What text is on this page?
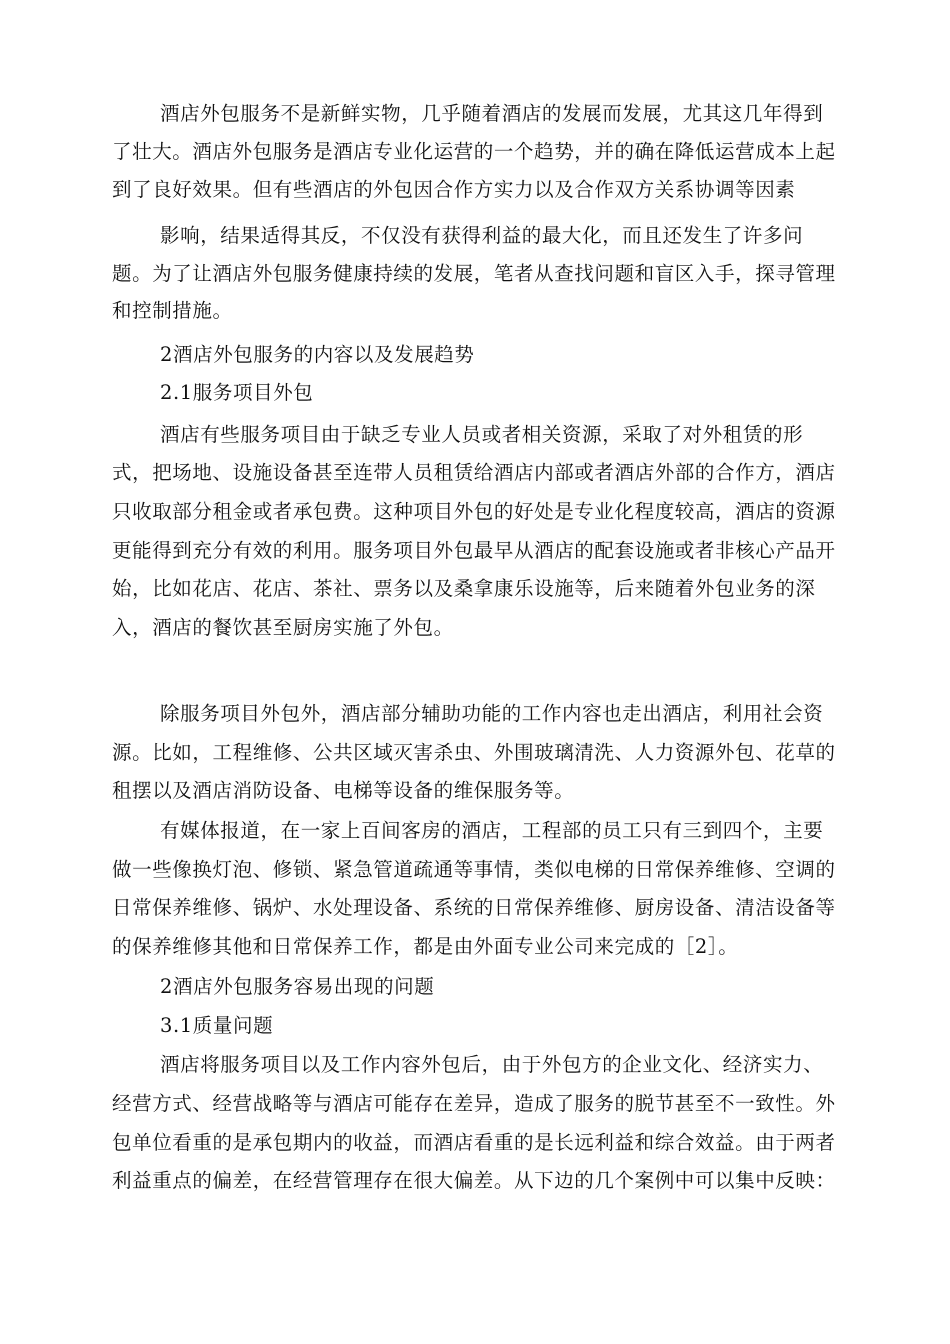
酒店外包服务不是新鲜实物，几乎随着酒店的发展而发展，尤其这几年得到
了壮大。酒店外包服务是酒店专业化运营的一个趋势，并的确在降低运营成本上起
到了良好效果。但有些酒店的外包因合作方实力以及合作双方关系协调等因素
影响，结果适得其反，不仅没有获得利益的最大化，而且还发生了许多问
题。为了让酒店外包服务健康持续的发展，笔者从查找问题和盲区入手，探寻管理
和控制措施。
2酒店外包服务的内容以及发展趋势
2.1服务项目外包
酒店有些服务项目由于缺乏专业人员或者相关资源，采取了对外租赁的形
式，把场地、设施设备甚至连带人员租赁给酒店内部或者酒店外部的合作方，酒店
只收取部分租金或者承包费。这种项目外包的好处是专业化程度较高，酒店的资源
更能得到充分有效的利用。服务项目外包最早从酒店的配套设施或者非核心产品开
始，比如花店、花店、茶社、票务以及桑拿康乐设施等，后来随着外包业务的深
入，酒店的餐饮甚至厨房实施了外包。
除服务项目外包外，酒店部分辅助功能的工作内容也走出酒店，利用社会资
源。比如，工程维修、公共区域灭害杀虫、外围玻璃清洗、人力资源外包、花草的
租摆以及酒店消防设备、电梯等设备的维保服务等。
有媒体报道，在一家上百间客房的酒店，工程部的员工只有三到四个，主要
做一些像换灯泡、修锁、紧急管道疏通等事情，类似电梯的日常保养维修、空调的
日常保养维修、锅炉、水处理设备、系统的日常保养维修、厨房设备、清洁设备等
的保养维修其他和日常保养工作，都是由外面专业公司来完成的［2］。
2酒店外包服务容易出现的问题
3.1质量问题
酒店将服务项目以及工作内容外包后，由于外包方的企业文化、经济实力、
经营方式、经营战略等与酒店可能存在差异，造成了服务的脱节甚至不一致性。外
包单位看重的是承包期内的收益，而酒店看重的是长远利益和综合效益。由于两者
利益重点的偏差，在经营管理存在很大偏差。从下边的几个案例中可以集中反映：
